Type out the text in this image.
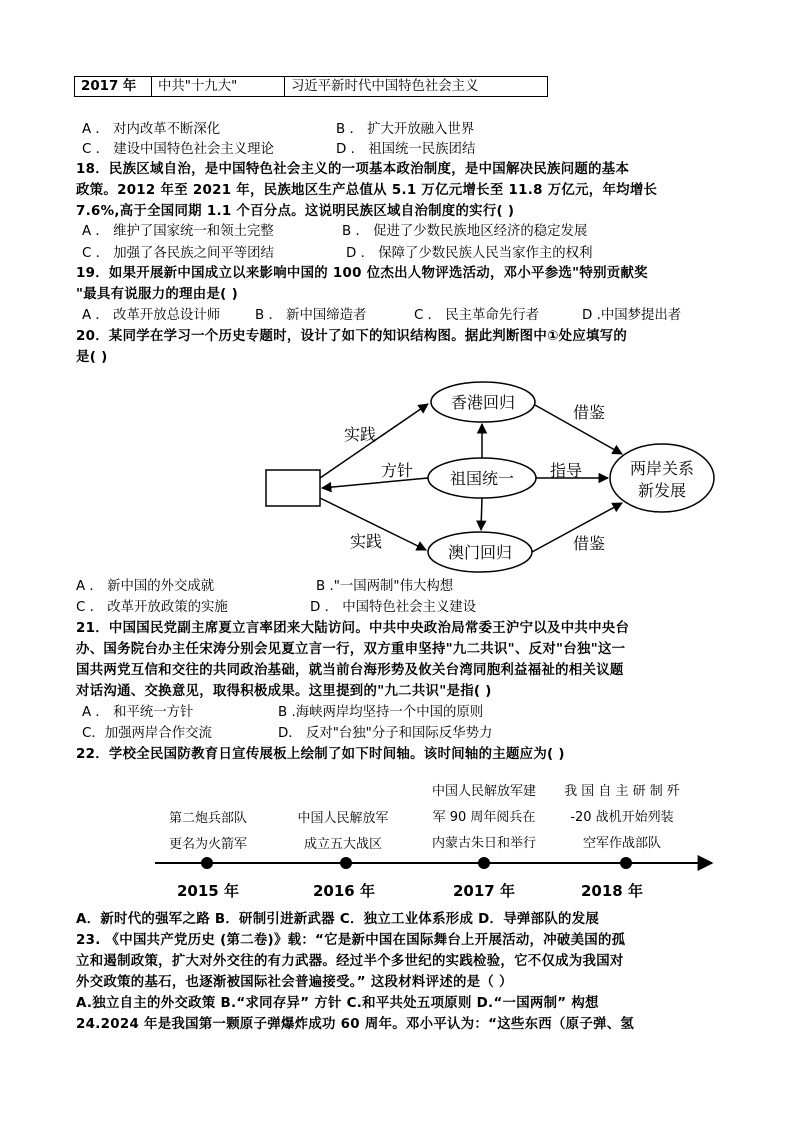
2017 年	中共"十九大"	习近平新时代中国特色社会主义
A ． 对内改革不断深化	B ． 扩大开放融入世界
C ． 建设中国特色社会主义理论	D ． 祖国统一民族团结
18．民族区域自治，是中国特色社会主义的一项基本政治制度，是中国解决民族问题的基本
政策。2012 年至 2021 年，民族地区生产总值从 5.1 万亿元增长至 11.8 万亿元，年均增长
7.6%,高于全国同期 1.1 个百分点。这说明民族区域自治制度的实行( )
A ． 维护了国家统一和领土完整	B ． 促进了少数民族地区经济的稳定发展
C ． 加强了各民族之间平等团结	D ． 保障了少数民族人民当家作主的权利
19．如果开展新中国成立以来影响中国的 100 位杰出人物评选活动，邓小平参选"特别贡献奖
"最具有说服力的理由是( )
A ． 改革开放总设计师	B ． 新中国缔造者	C ． 民主革命先行者	D .中国梦提出者
20．某同学在学习一个历史专题时，设计了如下的知识结构图。据此判断图中①处应填写的
是( )
香港回归
祖国统一
澳门回归
两岸关系
新发展
实践
实践
方针	指导
借鉴
借鉴
A ． 新中国的外交成就	B ."一国两制"伟大构想
C ． 改革开放政策的实施	D ． 中国特色社会主义建设
21．中国国民党副主席夏立言率团来大陆访问。中共中央政治局常委王沪宁以及中共中央台
办、国务院台办主任宋涛分别会见夏立言一行，双方重申坚持"九二共识"、反对"台独"这一
国共两党互信和交往的共同政治基础，就当前台海形势及攸关台湾同胞利益福祉的相关议题
对话沟通、交换意见，取得积极成果。这里提到的"九二共识"是指( )
A ． 和平统一方针	B .海峡两岸均坚持一个中国的原则
C．加强两岸合作交流	D． 反对"台独"分子和国际反华势力
22．学校全民国防教育日宣传展板上绘制了如下时间轴。该时间轴的主题应为( )
第二炮兵部队
更名为火箭军
中国人民解放军
成立五大战区
中国人民解放军建
军 90 周年阅兵在
内蒙古朱日和举行
我 国 自 主 研 制 歼
-20 战机开始列装
空军作战部队
2015 年	2016 年	2017 年	2018 年
A．新时代的强军之路 B．研制引进新武器 C．独立工业体系形成 D．导弹部队的发展
23. 《中国共产党历史 (第二卷)》载：“它是新中国在国际舞台上开展活动，冲破美国的孤
立和遏制政策，扩大对外交往的有力武器。经过半个多世纪的实践检验，它不仅成为我国对
外交政策的基石，也逐渐被国际社会普遍接受。” 这段材料评述的是（ ）
A.独立自主的外交政策 B.“求同存异” 方针 C.和平共处五项原则 D.“一国两制” 构想
24.2024 年是我国第一颗原子弹爆炸成功 60 周年。邓小平认为：“这些东西（原子弹、氢
